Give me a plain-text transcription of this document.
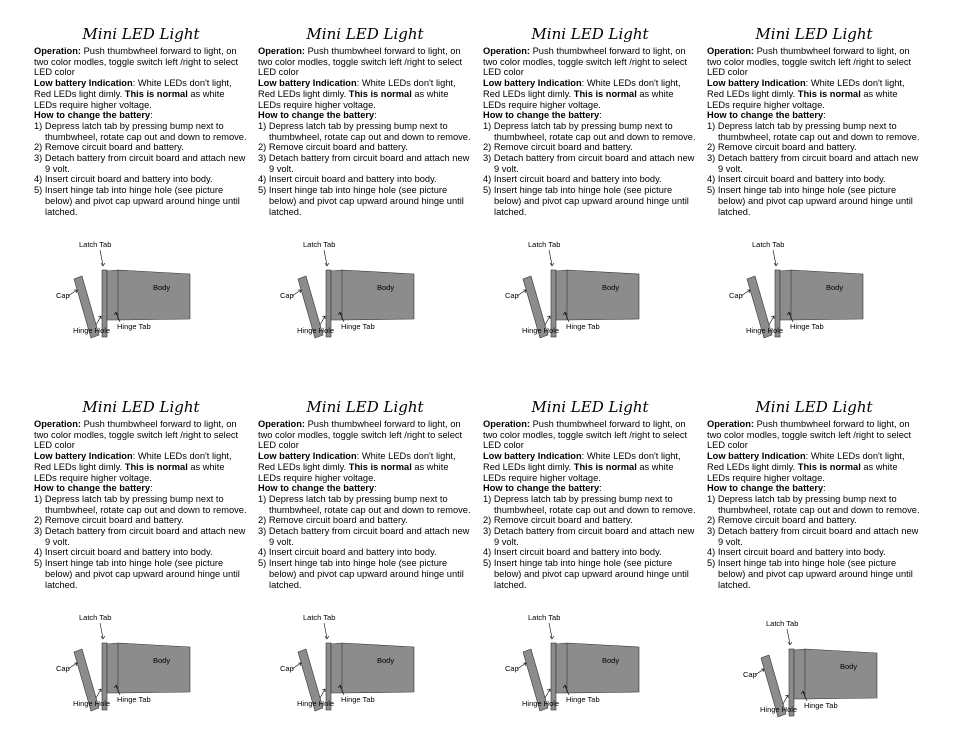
Mini LED Light

Operation: Push thumbwheel forward to light, on two color modles, toggle switch left /right to select LED color

Low battery Indication: White LEDs don't light, Red LEDs light dimly. This is normal as white LEDs require higher voltage.

How to change the battery:

1) Depress latch tab by pressing bump next to thumbwheel, rotate cap out and down to remove.
2) Remove circuit board and battery.
3) Detach battery from circuit board and attach new 9 volt.
4) Insert circuit board and battery into body.
5) Insert hinge tab into hinge hole (see picture below) and pivot cap upward around hinge until latched.
Latch Tab
Body
Cap
Hinge Hole Hinge Tab
Mini LED Light

Operation: Push thumbwheel forward to light, on two color modles, toggle switch left /right to select LED color

Low battery Indication: White LEDs don't light, Red LEDs light dimly. This is normal as white LEDs require higher voltage.

How to change the battery:

1) Depress latch tab by pressing bump next to thumbwheel, rotate cap out and down to remove.
2) Remove circuit board and battery.
3) Detach battery from circuit board and attach new 9 volt.
4) Insert circuit board and battery into body.
5) Insert hinge tab into hinge hole (see picture below) and pivot cap upward around hinge until latched.
Latch Tab
Body
Cap
Hinge Hole Hinge Tab
Mini LED Light

Operation: Push thumbwheel forward to light, on two color modles, toggle switch left /right to select LED color

Low battery Indication: White LEDs don't light, Red LEDs light dimly. This is normal as white LEDs require higher voltage.

How to change the battery:

1) Depress latch tab by pressing bump next to thumbwheel, rotate cap out and down to remove.
2) Remove circuit board and battery.
3) Detach battery from circuit board and attach new 9 volt.
4) Insert circuit board and battery into body.
5) Insert hinge tab into hinge hole (see picture below) and pivot cap upward around hinge until latched.
Latch Tab
Body
Cap
Hinge Hole Hinge Tab
Mini LED Light

Operation: Push thumbwheel forward to light, on two color modles, toggle switch left /right to select LED color

Low battery Indication: White LEDs don't light, Red LEDs light dimly. This is normal as white LEDs require higher voltage.

How to change the battery:

1) Depress latch tab by pressing bump next to thumbwheel, rotate cap out and down to remove.
2) Remove circuit board and battery.
3) Detach battery from circuit board and attach new 9 volt.
4) Insert circuit board and battery into body.
5) Insert hinge tab into hinge hole (see picture below) and pivot cap upward around hinge until latched.
Latch Tab
Body
Cap
Hinge Hole Hinge Tab
Mini LED Light

Operation: Push thumbwheel forward to light, on two color modles, toggle switch left /right to select LED color

Low battery Indication: White LEDs don't light, Red LEDs light dimly. This is normal as white LEDs require higher voltage.

How to change the battery:

1) Depress latch tab by pressing bump next to thumbwheel, rotate cap out and down to remove.
2) Remove circuit board and battery.
3) Detach battery from circuit board and attach new 9 volt.
4) Insert circuit board and battery into body.
5) Insert hinge tab into hinge hole (see picture below) and pivot cap upward around hinge until latched.
Latch Tab
Body
Cap
Hinge Hole Hinge Tab
Mini LED Light

Operation: Push thumbwheel forward to light, on two color modles, toggle switch left /right to select LED color

Low battery Indication: White LEDs don't light, Red LEDs light dimly. This is normal as white LEDs require higher voltage.

How to change the battery:

1) Depress latch tab by pressing bump next to thumbwheel, rotate cap out and down to remove.
2) Remove circuit board and battery.
3) Detach battery from circuit board and attach new 9 volt.
4) Insert circuit board and battery into body.
5) Insert hinge tab into hinge hole (see picture below) and pivot cap upward around hinge until latched.
Latch Tab
Body
Cap
Hinge Hole Hinge Tab
Mini LED Light

Operation: Push thumbwheel forward to light, on two color modles, toggle switch left /right to select LED color

Low battery Indication: White LEDs don't light, Red LEDs light dimly. This is normal as white LEDs require higher voltage.

How to change the battery:

1) Depress latch tab by pressing bump next to thumbwheel, rotate cap out and down to remove.
2) Remove circuit board and battery.
3) Detach battery from circuit board and attach new 9 volt.
4) Insert circuit board and battery into body.
5) Insert hinge tab into hinge hole (see picture below) and pivot cap upward around hinge until latched.
Latch Tab
Body
Cap
Hinge Hole Hinge Tab
Mini LED Light

Operation: Push thumbwheel forward to light, on two color modles, toggle switch left /right to select LED color

Low battery Indication: White LEDs don't light, Red LEDs light dimly. This is normal as white LEDs require higher voltage.

How to change the battery:

1) Depress latch tab by pressing bump next to thumbwheel, rotate cap out and down to remove.
2) Remove circuit board and battery.
3) Detach battery from circuit board and attach new 9 volt.
4) Insert circuit board and battery into body.
5) Insert hinge tab into hinge hole (see picture below) and pivot cap upward around hinge until latched.
Latch Tab
Body
Cap
Hinge Hole Hinge Tab
